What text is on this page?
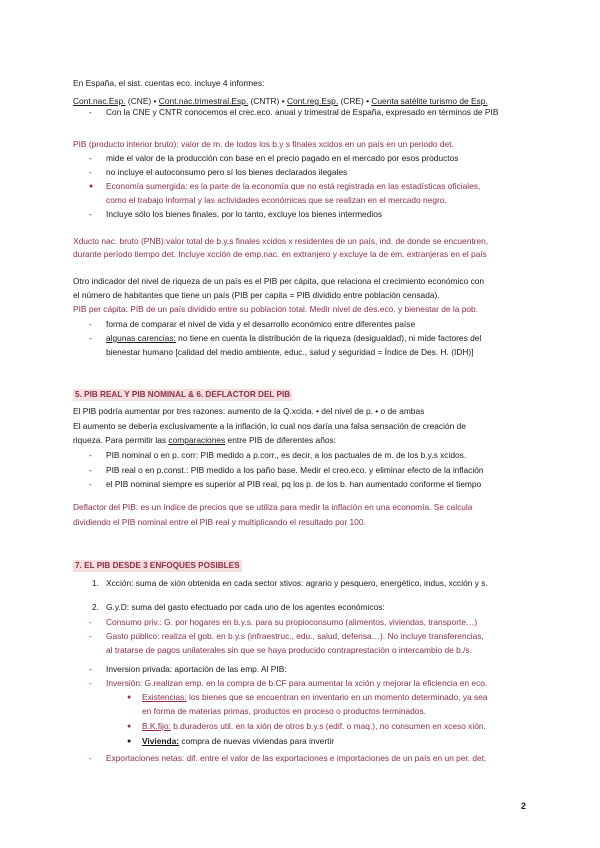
En España, el sist. cuentas eco. incluye 4 informes:
Cont.nac.Esp. (CNE) • Cont.nac.trimestral.Esp. (CNTR) • Cont.reg.Esp. (CRE) • Cuenta satélite turismo de Esp.
- Con la CNE y CNTR conocemos el crec.eco. anual y trimestral de España, expresado en términos de PIB
PIB (producto interior bruto): valor de m. de todos los b.y s finales xcidos en un país en un periodo det.
- mide el valor de la producción con base en el precio pagado en el mercado por esos productos
- no incluye el autoconsumo pero sí los bienes declarados ilegales
● Economía sumergida: es la parte de la economía que no está registrada en las estadísticas oficiales,
como el trabajo informal y las actividades económicas que se realizan en el mercado negro.
- Incluye sólo los bienes finales, por lo tanto, excluye los bienes intermedios
Xducto nac. bruto (PNB):valor total de b.y.s finales xcidos x residentes de un país, ind. de donde se encuentren,
durante período tiempo det. Incluye xcción de emp.nac. en extranjero y excluye la de em. extranjeras en el país
Otro indicador del nivel de riqueza de un país es el PIB per cápita, que relaciona el crecimiento económico con
el número de habitantes que tiene un país (PIB per capita = PIB dividido entre población censada).
PIB per cápita: PIB de un país dividido entre su población total. Medir nivel de des.eco. y bienestar de la pob.
- forma de comparar el nivel de vida y el desarrollo económico entre diferentes paíse
- algunas carencias: no tiene en cuenta la distribución de la riqueza (desigualdad), ni mide factores del
bienestar humano [calidad del medio ambiente, educ., salud y seguridad = Índice de Des. H. (IDH)]
5. PIB REAL Y PIB NOMINAL & 6. DEFLACTOR DEL PIB
El PIB podría aumentar por tres razones: aumento de la Q.xcida. • del nivel de p. • o de ambas
El aumento se debería exclusivamente a la inflación, lo cual nos daría una falsa sensación de creación de
riqueza. Para permitir las comparaciones entre PIB de diferentes años:
- PIB nominal o en p. corr: PIB medido a p.corr., es decir, a los pactuales de m. de los b.y.s xcidos.
- PIB real o en p.const.: PIB medido a los paño base. Medir el creo.eco. y eliminar efecto de la inflación
- el PIB nominal siempre es superior al PIB real, pq los p. de los b. han aumentado conforme el tiempo
Deflactor del PIB: es un índice de precios que se utiliza para medir la inflación en una economía. Se calcula
dividiendo el PIB nominal entre el PIB real y multiplicando el resultado por 100.
7. EL PIB DESDE 3 ENFOQUES POSIBLES
1. Xcción: suma de xión obtenida en cada sector xtivos: agrario y pesquero, energético, indus, xcción y s.
2. G.y.D: suma del gasto efectuado por cada uno de los agentes económicos:
- Consumo priv.: G. por hogares en b.y.s. para su propioconsumo (alimentos, viviendas, transporte…)
- Gasto público: realiza el gob. en b.y.s (infraestruc., edu., salud, defensa…). No incluye transferencias,
al tratarse de pagos unilaterales sin que se haya producido contraprestación o intercambio de b./s.
- Inversion privada: aportación de las emp. Al PIB:
- Inversión: G.realizan emp. en la compra de b.CF para aumentar la xción y mejorar la eficiencia en eco.
● Existencias: los bienes que se encuentran en inventario en un momento determinado, ya sea
en forma de materias primas, productos en proceso o productos terminados.
● B.K.fijo: b.duraderos util. en la xión de otros b.y.s (edif. o maq.), no consumen en xceso xión.
● Vivienda: compra de nuevas viviendas para invertir
- Exportaciones netas: dif. entre el valor de las exportaciones e importaciones de un país en un per. det.
2
